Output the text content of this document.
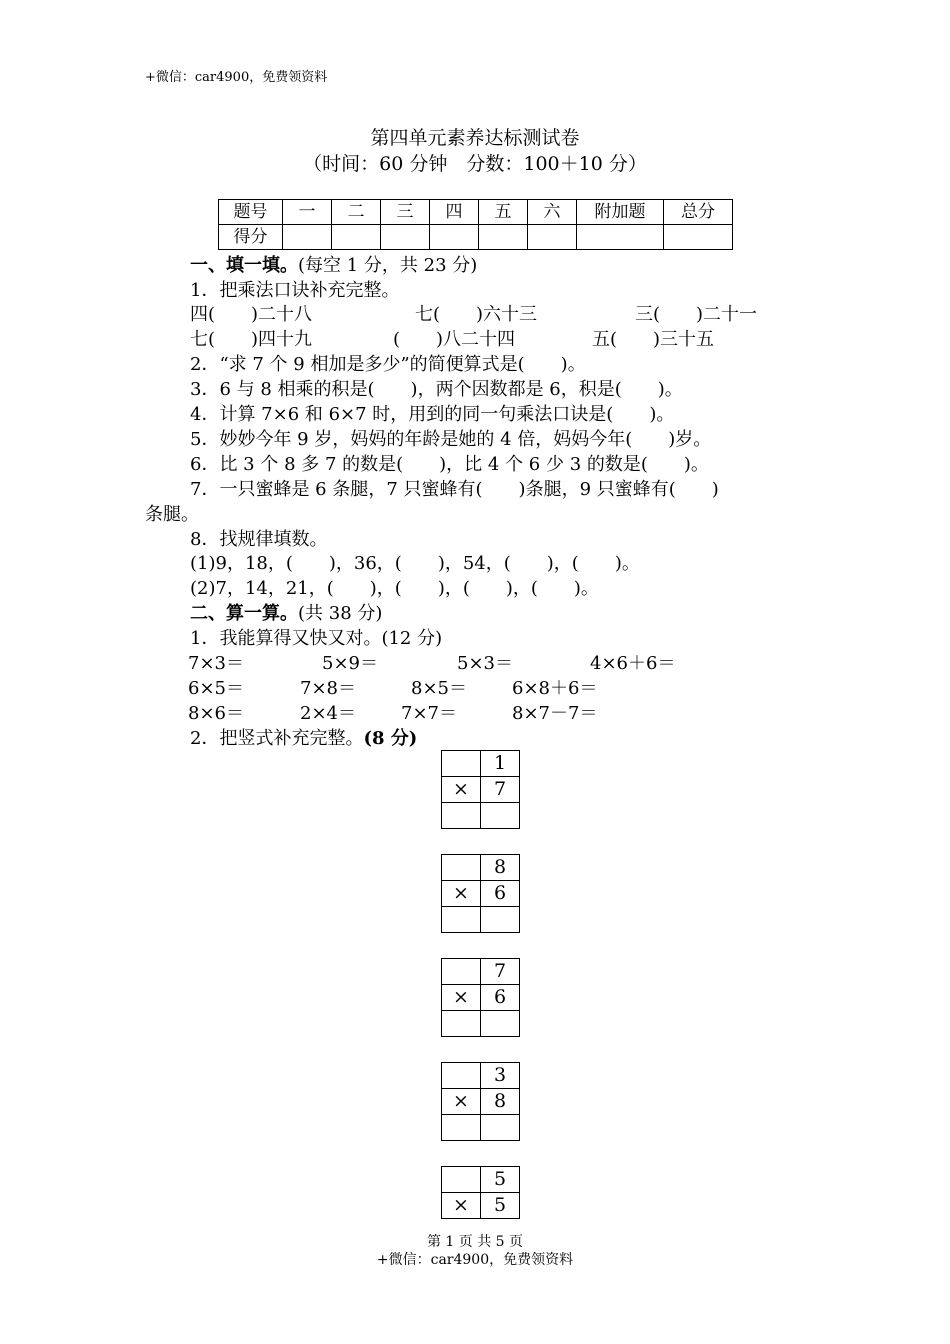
+微信：car4900，免费领资料
第四单元素养达标测试卷
（时间：60 分钟　分数：100＋10 分）
题号	一	二	三	四	五	六	附加题	总分
得分								
一、填一填。(每空 1 分，共 23 分)
1．把乘法口诀补充完整。
四(　　)二十八	七(　　)六十三	三(　　)二十一
七(　　)四十九	(　　)八二十四	五(　　)三十五
2．“求 7 个 9 相加是多少”的简便算式是(　　)。
3．6 与 8 相乘的积是(　　)，两个因数都是 6，积是(　　)。
4．计算 7×6 和 6×7 时，用到的同一句乘法口诀是(　　)。
5．妙妙今年 9 岁，妈妈的年龄是她的 4 倍，妈妈今年(　　)岁。
6．比 3 个 8 多 7 的数是(　　)，比 4 个 6 少 3 的数是(　　)。
7．一只蜜蜂是 6 条腿，7 只蜜蜂有(　　)条腿，9 只蜜蜂有(　　)
条腿。
8．找规律填数。
(1)9，18，(　　)，36，(　　)，54，(　　)，(　　)。
(2)7，14，21，(　　)，(　　)，(　　)，(　　)。
二、算一算。(共 38 分)
1．我能算得又快又对。(12 分)
7×3＝	5×9＝	5×3＝	4×6＋6＝
6×5＝	7×8＝	8×5＝	6×8＋6＝
8×6＝	2×4＝	7×7＝	8×7－7＝
2．把竖式补充完整。(8 分)
	1
×	7

	8
×	6

	7
×	6

	3
×	8

	5
×	5
第 1 页 共 5 页
+微信：car4900，免费领资料
